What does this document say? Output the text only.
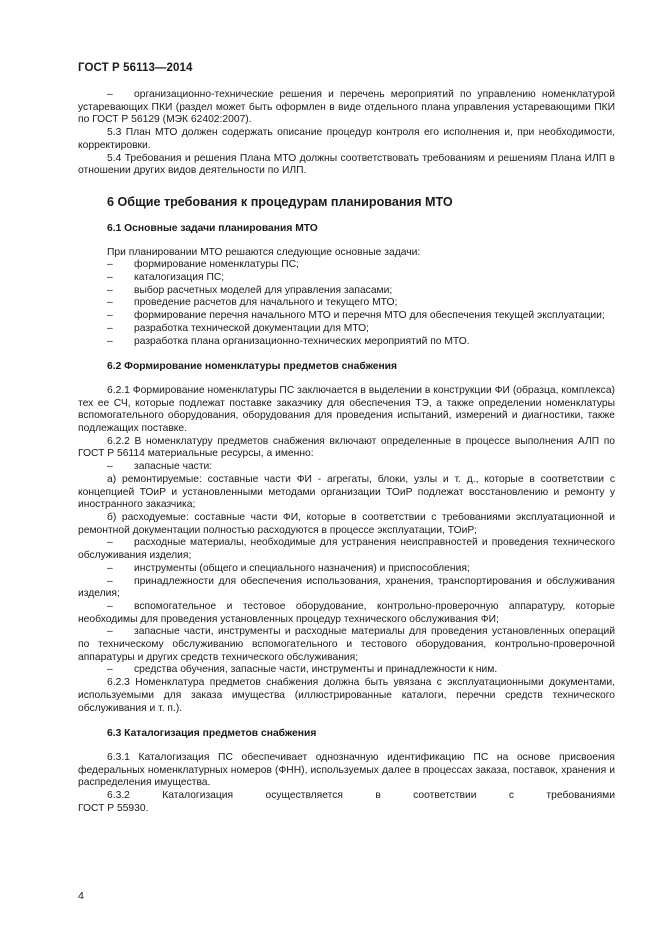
ГОСТ Р 56113—2014

– организационно-технические решения и перечень мероприятий по управлению номенклатурой устаревающих ПКИ (раздел может быть оформлен в виде отдельного плана управления устаревающими ПКИ по ГОСТ Р 56129 (МЭК 62402:2007).

5.3 План МТО должен содержать описание процедур контроля его исполнения и, при необходимости, корректировки.

5.4 Требования и решения Плана МТО должны соответствовать требованиям и решениям Плана ИЛП в отношении других видов деятельности по ИЛП.

6 Общие требования к процедурам планирования МТО
6.1 Основные задачи планирования МТО

При планировании МТО решаются следующие основные задачи:

– формирование номенклатуры ПС;

– каталогизация ПС;

– выбор расчетных моделей для управления запасами;

– проведение расчетов для начального и текущего МТО;

– формирование перечня начального МТО и перечня МТО для обеспечения текущей эксплуатации;

– разработка технической документации для МТО;

– разработка плана организационно-технических мероприятий по МТО.

6.2 Формирование номенклатуры предметов снабжения

6.2.1 Формирование номенклатуры ПС заключается в выделении в конструкции ФИ (образца, комплекса) тех ее СЧ, которые подлежат поставке заказчику для обеспечения ТЭ, а также определении номенклатуры вспомогательного оборудования, оборудования для проведения испытаний, измерений и диагностики, также подлежащих поставке.

6.2.2 В номенклатуру предметов снабжения включают определенные в процессе выполнения АЛП по ГОСТ Р 56114 материальные ресурсы, а именно:

– запасные части:

а) ремонтируемые: составные части ФИ - агрегаты, блоки, узлы и т. д., которые в соответствии с концепцией ТОиР и установленными методами организации ТОиР подлежат восстановлению и ремонту у иностранного заказчика;

б) расходуемые: составные части ФИ, которые в соответствии с требованиями эксплуатационной и ремонтной документации полностью расходуются в процессе эксплуатации, ТОиР;

– расходные материалы, необходимые для устранения неисправностей и проведения технического обслуживания изделия;

– инструменты (общего и специального назначения) и приспособления;

– принадлежности для обеспечения использования, хранения, транспортирования и обслуживания изделия;

– вспомогательное и тестовое оборудование, контрольно-проверочную аппаратуру, которые необходимы для проведения установленных процедур технического обслуживания ФИ;

– запасные части, инструменты и расходные материалы для проведения установленных операций по техническому обслуживанию вспомогательного и тестового оборудования, контрольно-проверочной аппаратуры и других средств технического обслуживания;

– средства обучения, запасные части, инструменты и принадлежности к ним.

6.2.3 Номенклатура предметов снабжения должна быть увязана с эксплуатационными документами, используемыми для заказа имущества (иллюстрированные каталоги, перечни средств технического обслуживания и т. п.).

6.3 Каталогизация предметов снабжения

6.3.1 Каталогизация ПС обеспечивает однозначную идентификацию ПС на основе присвоения федеральных номенклатурных номеров (ФНН), используемых далее в процессах заказа, поставок, хранения и распределения имущества.

6.3.2 Каталогизация осуществляется в соответствии с требованиями

ГОСТ Р 55930.

4
